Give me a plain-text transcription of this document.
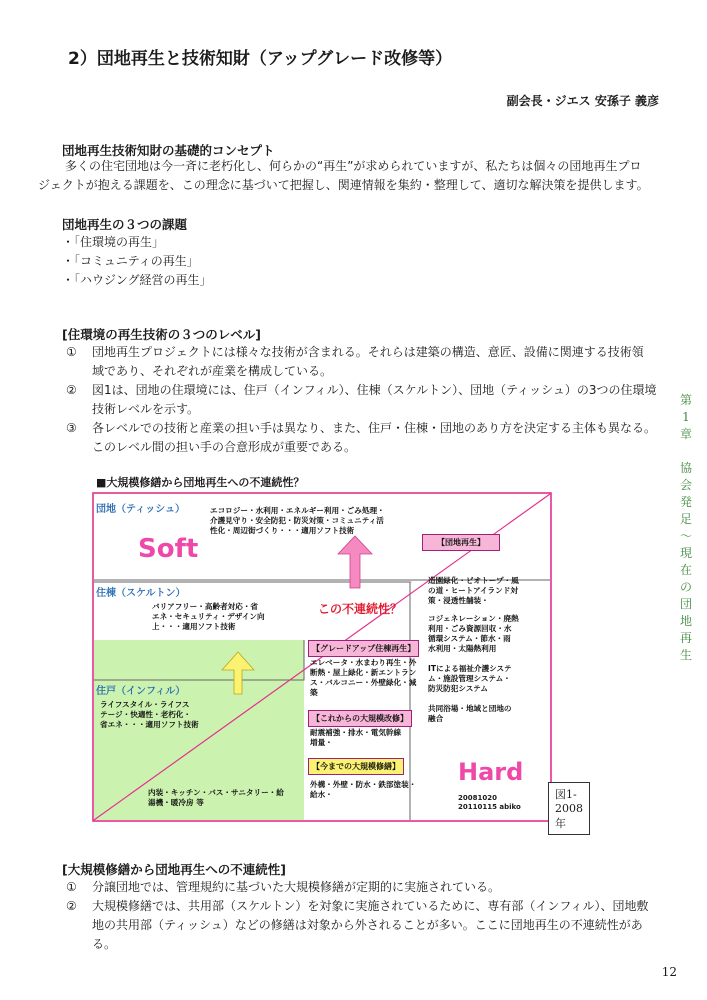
2）団地再生と技術知財（アップグレード改修等）
副会長・ジエス 安孫子 義彦
団地再生技術知財の基礎的コンセプト
多くの住宅団地は今一斉に老朽化し、何らかの“再生”が求められていますが、私たちは個々の団地再生プロ
ジェクトが抱える課題を、この理念に基づいて把握し、関連情報を集約・整理して、適切な解決策を提供します。
団地再生の３つの課題
・「住環境の再生」
・「コミュニティの再生」
・「ハウジング経営の再生」
[住環境の再生技術の３つのレベル]
① 団地再生プロジェクトには様々な技術が含まれる。それらは建築の構造、意匠、設備に関連する技術領
域であり、それぞれが産業を構成している。
② 図1は、団地の住環境には、住戸（インフィル）、住棟（スケルトン）、団地（ティッシュ）の3つの住環境
技術レベルを示す。
③ 各レベルでの技術と産業の担い手は異なり、また、住戸・住棟・団地のあり方を決定する主体も異なる。
このレベル間の担い手の合意形成が重要である。
■大規模修繕から団地再生への不連続性？
団地（ティッシュ）	エコロジー・水利用・エネルギー利用・ごみ処理・
介護見守り・安全防犯・防災対策・コミュニティ活
性化・周辺街づくり・・・適用ソフト技術
Soft	【団地再生】
住棟（スケルトン）
バリアフリー・高齢者対応・省
エネ・セキュリティ・デザイン向
上・・・適用ソフト技術
この不連続性？
【グレードアップ住棟再生】
エレベータ・水まわり再生・外
断熱・屋上緑化・新エントラン
ス・バルコニー・外壁緑化・減
築
【これからの大規模改修】
耐震補強・排水・電気幹線
増量・
【今までの大規模修繕】
外構・外壁・防水・鉄部塗装・
給水・
住戸（インフィル）
ライフスタイル・ライフス
テージ・快適性・老朽化・
省エネ・・・適用ソフト技術
内装・キッチン・バス・サニタリー・給
湯機・暖冷房 等
造園緑化・ビオトープ・風
の道・ヒートアイランド対
策・浸透性舗装・
コジェネレーション・廃熱
利用・ごみ資源回収・水
循環システム・節水・雨
水利用・太陽熱利用
ITによる福祉介護システ
ム・施設管理システム・
防災防犯システム
共同浴場・地域と団地の
融合
Hard
20081020
20110115 abiko
図1-2008年
[大規模修繕から団地再生への不連続性]
① 分譲団地では、管理規約に基づいた大規模修繕が定期的に実施されている。
② 大規模修繕では、共用部（スケルトン）を対象に実施されているために、専有部（インフィル）、団地敷
地の共用部（ティッシュ）などの修繕は対象から外されることが多い。ここに団地再生の不連続性があ
る。
第
1
章
協
会
発
足
～
現
在
の
団
地
再
生
12
